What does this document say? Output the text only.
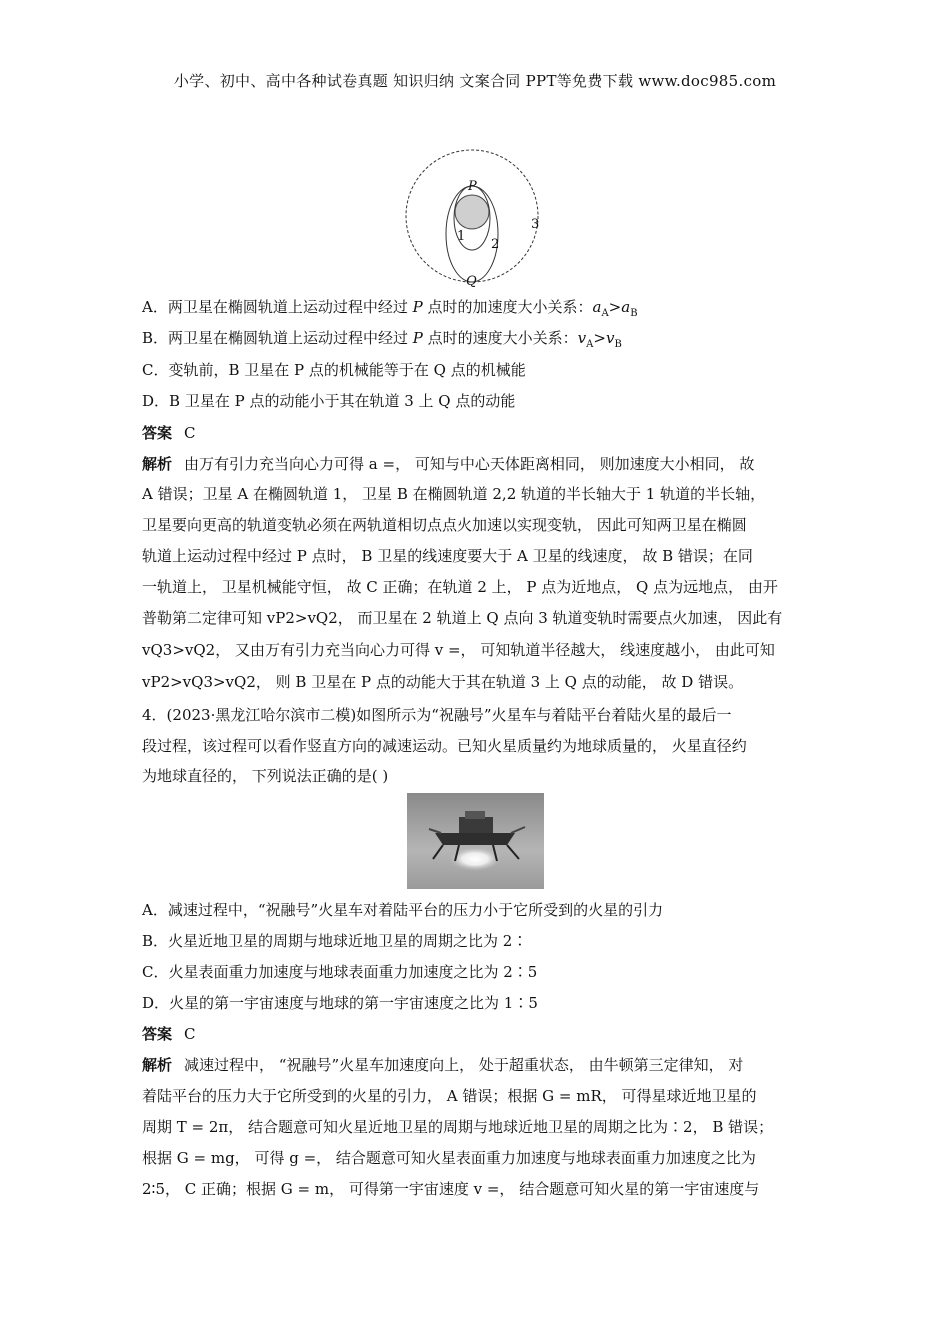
小学、初中、高中各种试卷真题 知识归纳 文案合同 PPT等免费下载 www.doc985.com
P
1
2
3
Q
A．两卫星在椭圆轨道上运动过程中经过 P 点时的加速度大小关系：$a_A>a_B$
B．两卫星在椭圆轨道上运动过程中经过 P 点时的速度大小关系：$v_A>v_B$
C．变轨前，B 卫星在 P 点的机械能等于在 Q 点的机械能
D．B 卫星在 P 点的动能小于其在轨道 3 上 Q 点的动能
答案 C
解析 由万有引力充当向心力可得 a =， 可知与中心天体距离相同， 则加速度大小相同， 故
A 错误；卫星 A 在椭圆轨道 1， 卫星 B 在椭圆轨道 2,2 轨道的半长轴大于 1 轨道的半长轴，
卫星要向更高的轨道变轨必须在两轨道相切点点火加速以实现变轨， 因此可知两卫星在椭圆
轨道上运动过程中经过 P 点时， B 卫星的线速度要大于 A 卫星的线速度， 故 B 错误；在同
一轨道上， 卫星机械能守恒， 故 C 正确；在轨道 2 上， P 点为近地点， Q 点为远地点， 由开
普勒第二定律可知 vP2>vQ2， 而卫星在 2 轨道上 Q 点向 3 轨道变轨时需要点火加速， 因此有
vQ3>vQ2， 又由万有引力充当向心力可得 v =， 可知轨道半径越大， 线速度越小， 由此可知
vP2>vQ3>vQ2， 则 B 卫星在 P 点的动能大于其在轨道 3 上 Q 点的动能， 故 D 错误。
4．(2023·黑龙江哈尔滨市二模)如图所示为“祝融号”火星车与着陆平台着陆火星的最后一
段过程，该过程可以看作竖直方向的减速运动。已知火星质量约为地球质量的， 火星直径约
为地球直径的， 下列说法正确的是( )
A．减速过程中，“祝融号”火星车对着陆平台的压力小于它所受到的火星的引力
B．火星近地卫星的周期与地球近地卫星的周期之比为 2∶
C．火星表面重力加速度与地球表面重力加速度之比为 2∶5
D．火星的第一宇宙速度与地球的第一宇宙速度之比为 1∶5
答案 C
解析 减速过程中， “祝融号”火星车加速度向上， 处于超重状态， 由牛顿第三定律知， 对
着陆平台的压力大于它所受到的火星的引力， A 错误；根据 G = mR， 可得星球近地卫星的
周期 T = 2π， 结合题意可知火星近地卫星的周期与地球近地卫星的周期之比为∶2， B 错误；
根据 G = mg， 可得 g =， 结合题意可知火星表面重力加速度与地球表面重力加速度之比为
2∶5， C 正确；根据 G = m， 可得第一宇宙速度 v =， 结合题意可知火星的第一宇宙速度与
